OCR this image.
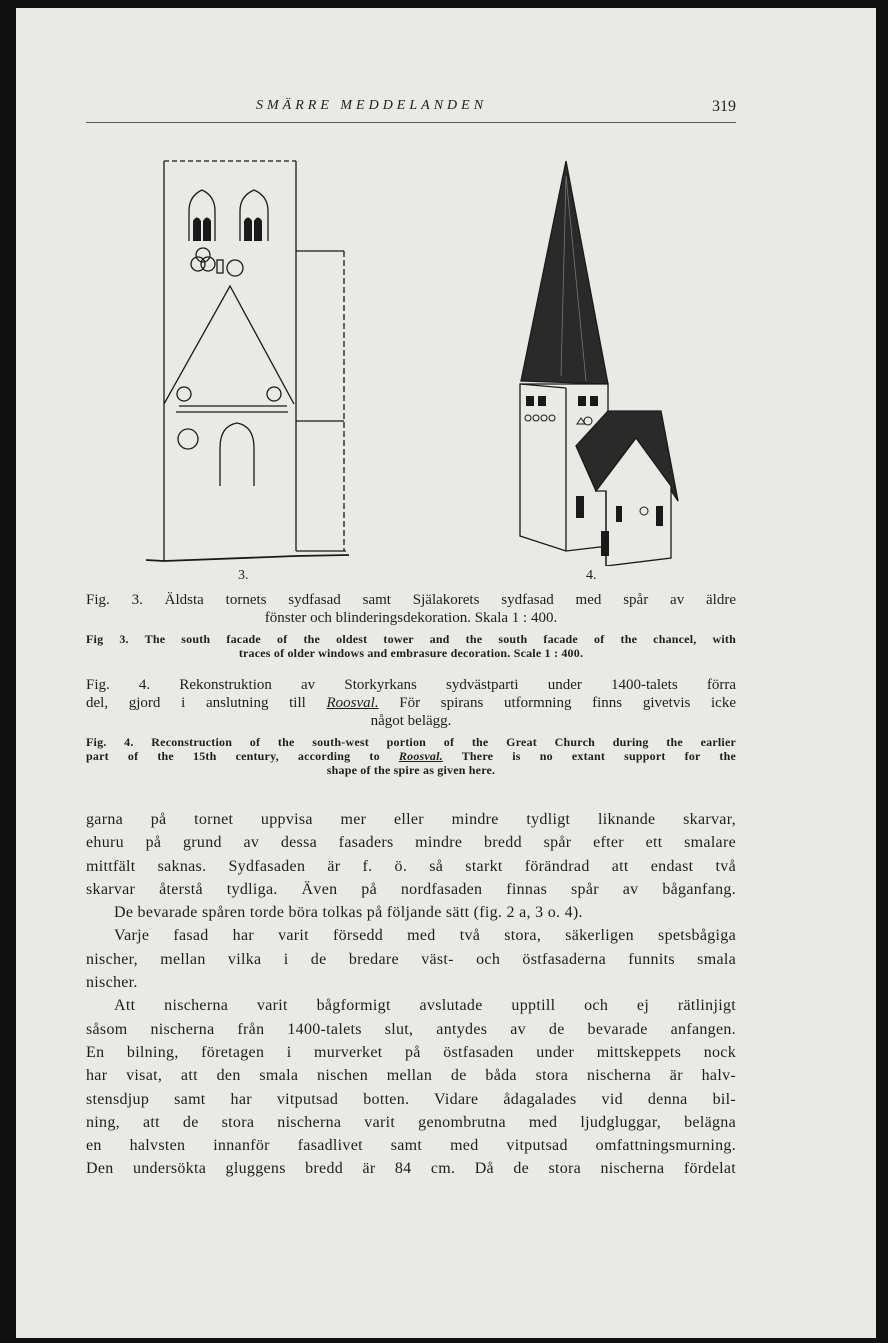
SMÄRRE MEDDELANDEN	319
3.	4.
Fig. 3. Äldsta tornets sydfasad samt Själakorets sydfasad med spår av äldre
fönster och blinderingsdekoration. Skala 1 : 400.
Fig 3. The south facade of the oldest tower and the south facade of the chancel, with
traces of older windows and embrasure decoration. Scale 1 : 400.
Fig. 4. Rekonstruktion av Storkyrkans sydvästparti under 1400-talets förra
del, gjord i anslutning till Roosval. För spirans utformning finns givetvis icke
något belägg.
Fig. 4. Reconstruction of the south-west portion of the Great Church during the earlier
part of the 15th century, according to Roosval. There is no extant support for the
shape of the spire as given here.
garna på tornet uppvisa mer eller mindre tydligt liknande skarvar,
ehuru på grund av dessa fasaders mindre bredd spår efter ett smalare
mittfält saknas. Sydfasaden är f. ö. så starkt förändrad att endast två
skarvar återstå tydliga. Även på nordfasaden finnas spår av båganfang.
De bevarade spåren torde böra tolkas på följande sätt (fig. 2 a, 3 o. 4).
Varje fasad har varit försedd med två stora, säkerligen spetsbågiga
nischer, mellan vilka i de bredare väst- och östfasaderna funnits smala
nischer.
Att nischerna varit bågformigt avslutade upptill och ej rätlinjigt
såsom nischerna från 1400-talets slut, antydes av de bevarade anfangen.
En bilning, företagen i murverket på östfasaden under mittskeppets nock
har visat, att den smala nischen mellan de båda stora nischerna är halv-
stensdjup samt har vitputsad botten. Vidare ådagalades vid denna bil-
ning, att de stora nischerna varit genombrutna med ljudgluggar, belägna
en halvsten innanför fasadlivet samt med vitputsad omfattningsmurning.
Den undersökta gluggens bredd är 84 cm. Då de stora nischerna fördelat
